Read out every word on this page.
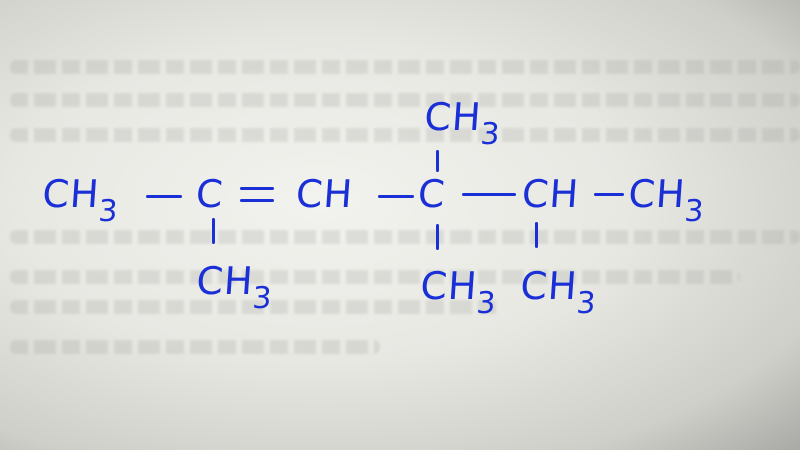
$CH_3$ C CH C CH $CH_3$
$CH_3$
$CH_3$
$CH_3$ $CH_3$
